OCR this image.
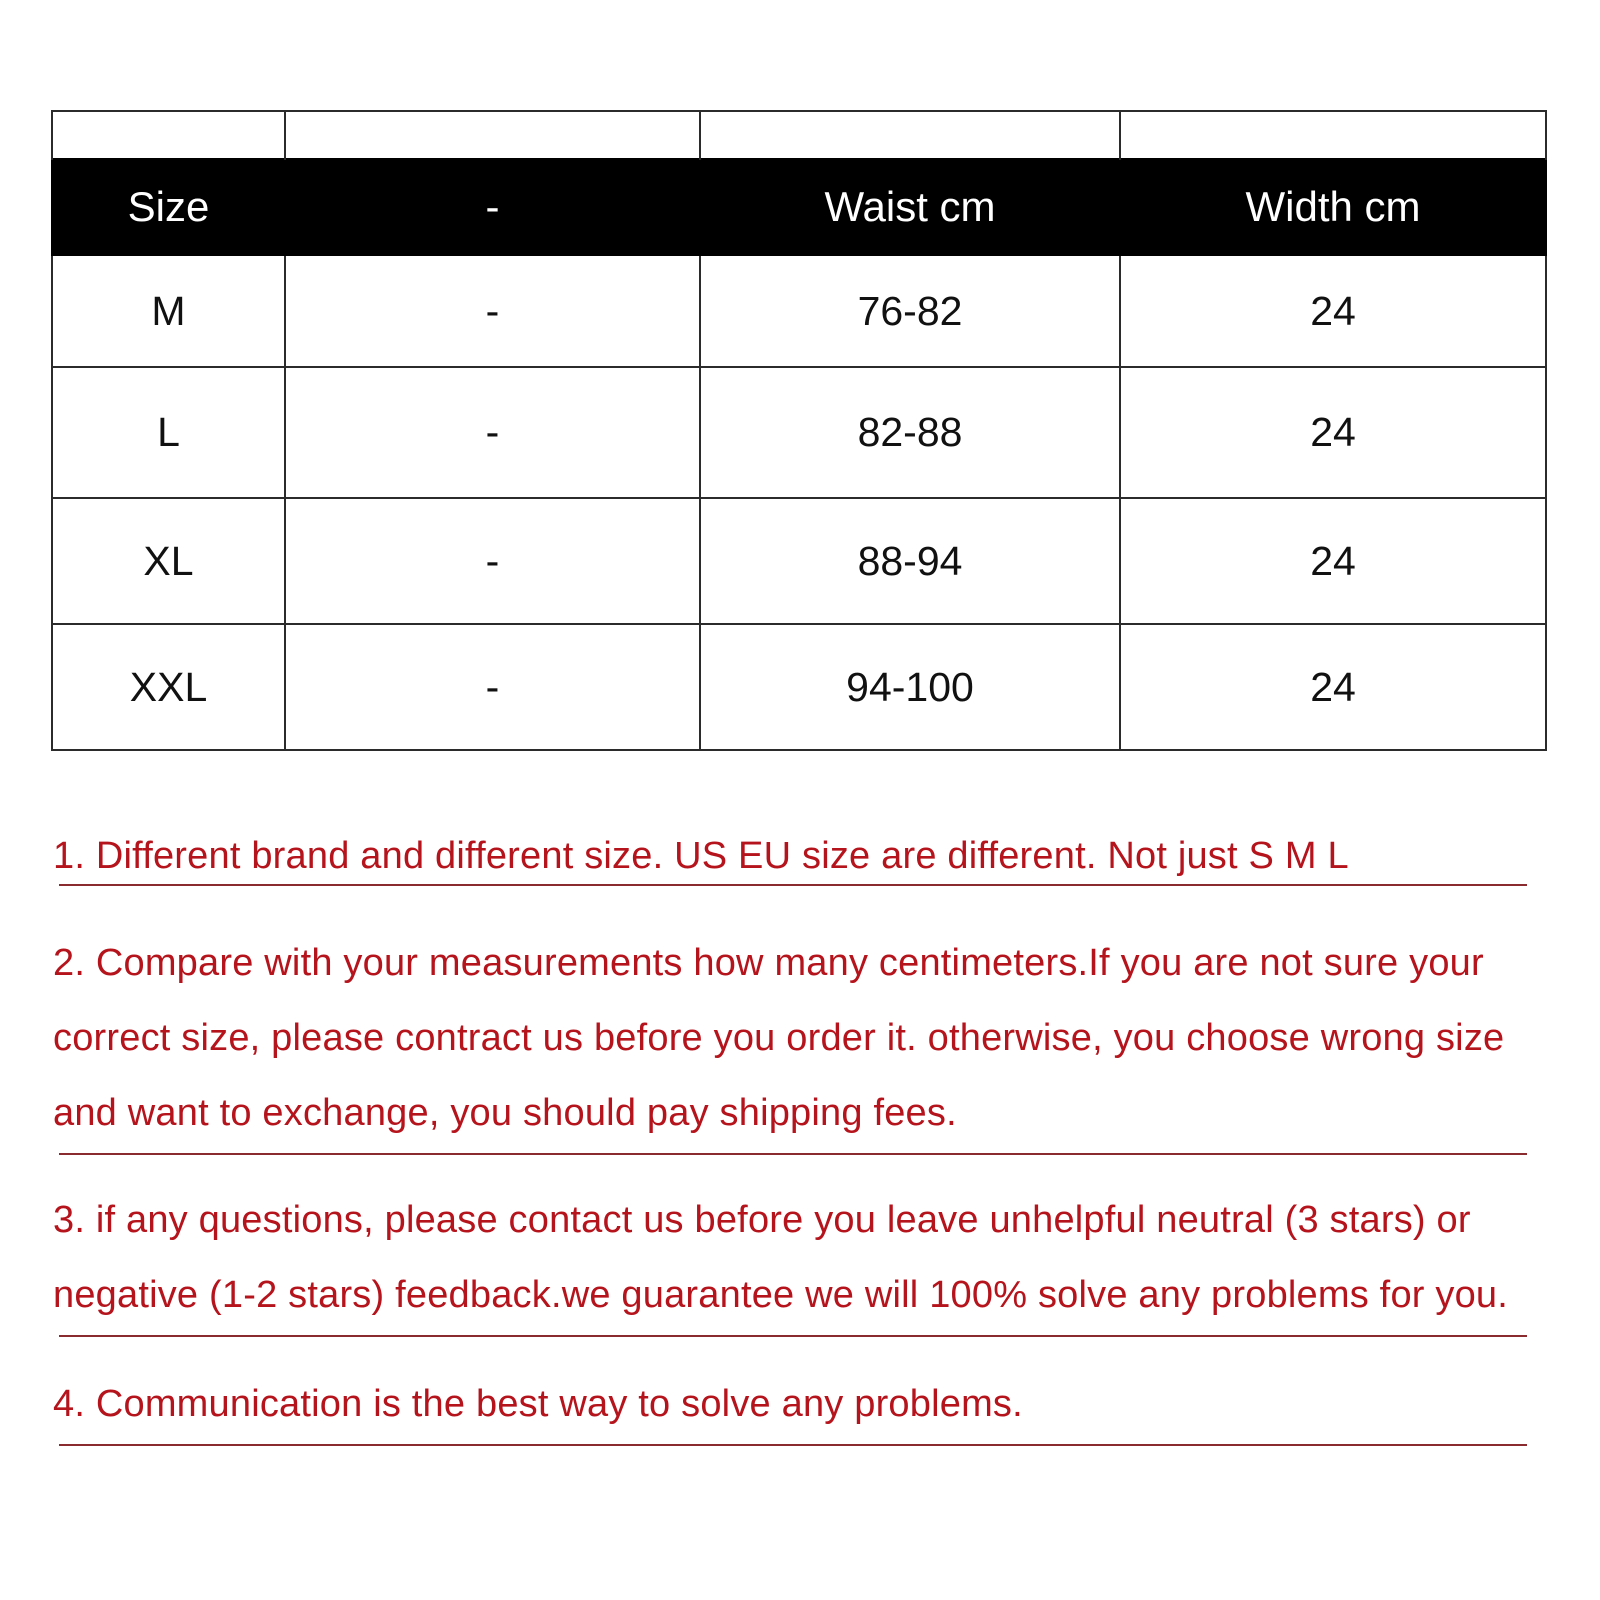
Size	-	Waist cm	Width cm
M	-	76-82	24
L	-	82-88	24
XL	-	88-94	24
XXL	-	94-100	24

1. Different brand and different size. US EU size are different. Not just S M L

2. Compare with your measurements how many centimeters.If you are not sure your correct size, please contract us before you order it. otherwise, you choose wrong size and want to exchange, you should pay shipping fees.

3. if any questions, please contact us before you leave unhelpful neutral (3 stars) or negative (1-2 stars) feedback.we guarantee we will 100% solve any problems for you.

4. Communication is the best way to solve any problems.
